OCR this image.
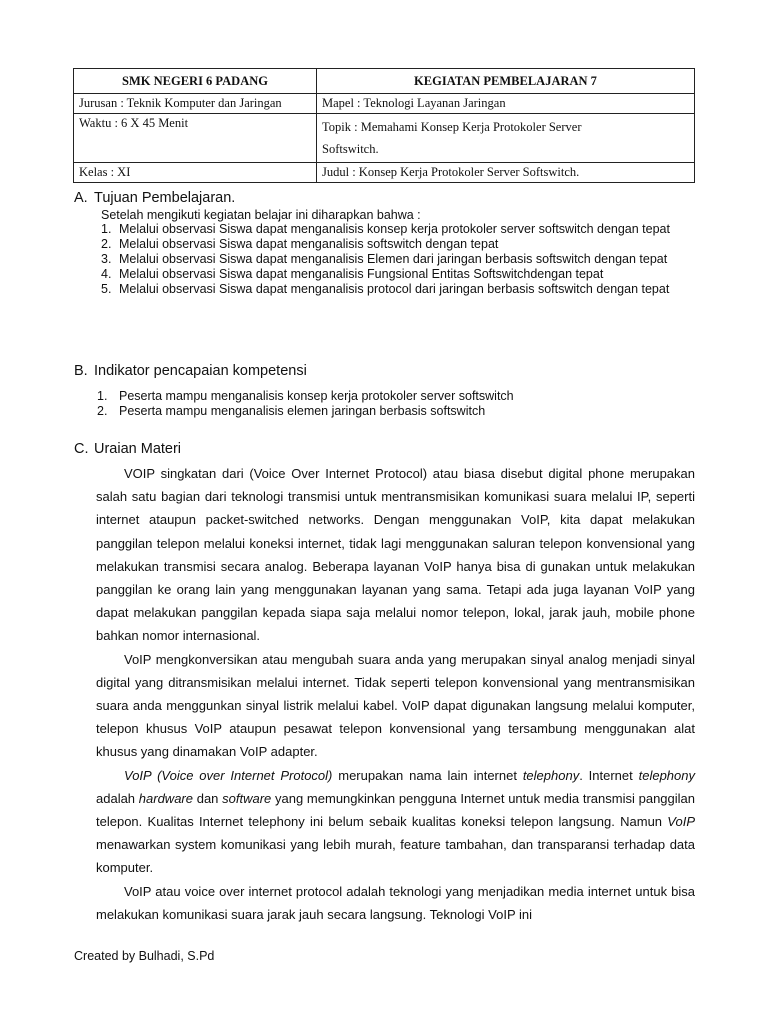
SMK NEGERI 6 PADANG	KEGIATAN PEMBELAJARAN 7
Jurusan : Teknik Komputer dan Jaringan	Mapel : Teknologi Layanan Jaringan
Waktu : 6 X 45 Menit	Topik : Memahami Konsep Kerja Protokoler Server
Softswitch.

Kelas : XI	Judul : Konsep Kerja Protokoler Server Softswitch.
A. Tujuan Pembelajaran.
Setelah mengikuti kegiatan belajar ini diharapkan bahwa :
1. Melalui observasi Siswa dapat menganalisis konsep kerja protokoler server softswitch dengan tepat
2. Melalui observasi Siswa dapat menganalisis softswitch dengan tepat
3. Melalui observasi Siswa dapat menganalisis Elemen dari jaringan berbasis softswitch dengan tepat
4. Melalui observasi Siswa dapat menganalisis Fungsional Entitas Softswitchdengan tepat
5. Melalui observasi Siswa dapat menganalisis protocol dari jaringan berbasis softswitch dengan tepat
B. Indikator pencapaian kompetensi
1. Peserta mampu menganalisis konsep kerja protokoler server softswitch
2. Peserta mampu menganalisis elemen jaringan berbasis softswitch
C. Uraian Materi

VOIP singkatan dari (Voice Over Internet Protocol) atau biasa disebut digital phone merupakan salah satu bagian dari teknologi transmisi untuk mentransmisikan komunikasi suara melalui IP, seperti internet ataupun packet-switched networks. Dengan menggunakan VoIP, kita dapat melakukan panggilan telepon melalui koneksi internet, tidak lagi menggunakan saluran telepon konvensional yang melakukan transmisi secara analog. Beberapa layanan VoIP hanya bisa di gunakan untuk melakukan panggilan ke orang lain yang menggunakan layanan yang sama. Tetapi ada juga layanan VoIP yang dapat melakukan panggilan kepada siapa saja melalui nomor telepon, lokal, jarak jauh, mobile phone bahkan nomor internasional.

VoIP mengkonversikan atau mengubah suara anda yang merupakan sinyal analog menjadi sinyal digital yang ditransmisikan melalui internet. Tidak seperti telepon konvensional yang mentransmisikan suara anda menggunkan sinyal listrik melalui kabel. VoIP dapat digunakan langsung melalui komputer, telepon khusus VoIP ataupun pesawat telepon konvensional yang tersambung menggunakan alat khusus yang dinamakan VoIP adapter.

VoIP (Voice over Internet Protocol) merupakan nama lain internet telephony. Internet telephony adalah hardware dan software yang memungkinkan pengguna Internet untuk media transmisi panggilan telepon. Kualitas Internet telephony ini belum sebaik kualitas koneksi telepon langsung. Namun VoIP menawarkan system komunikasi yang lebih murah, feature tambahan, dan transparansi terhadap data komputer.

VoIP atau voice over internet protocol adalah teknologi yang menjadikan media internet untuk bisa melakukan komunikasi suara jarak jauh secara langsung. Teknologi VoIP ini

Created by Bulhadi, S.Pd
